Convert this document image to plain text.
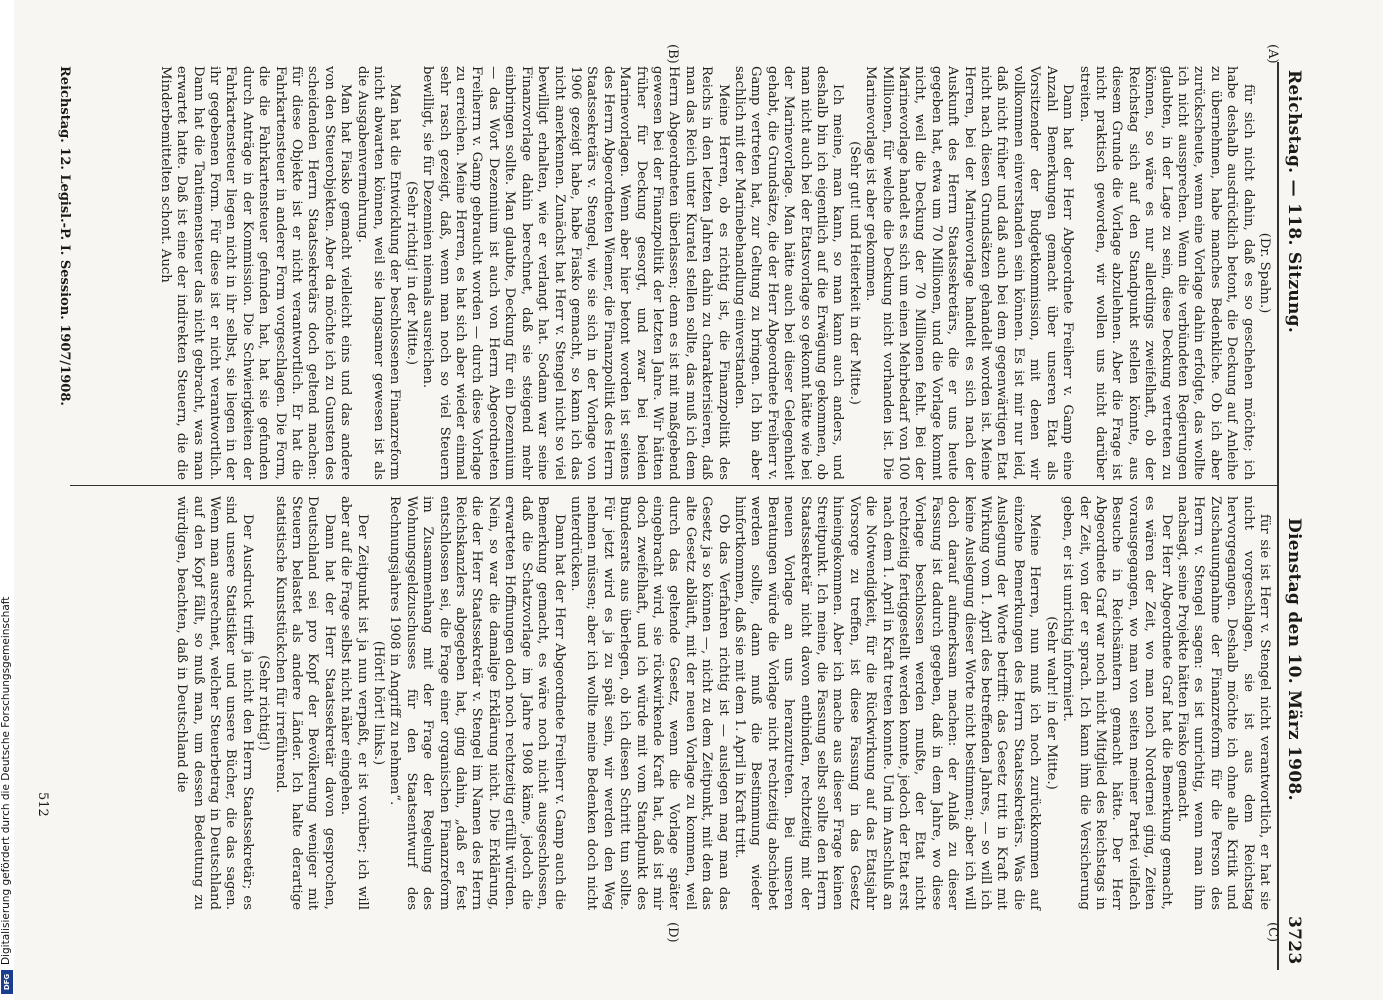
Reichstag. — 118. Sitzung.
Dienstag den 10. März 1908.
3723
(A)
(B)
(C)
(D)

(Dr. Spahn.)

für sich nicht dahin, daß es so geschehen möchte; ich habe deshalb ausdrücklich betont, die Deckung auf Anleihe zu übernehmen, habe manches Bedenkliche. Ob ich aber zurückscheute, wenn eine Vorlage dahin erfolgte, das wollte ich nicht aussprechen. Wenn die verbündeten Regierungen glaubten, in der Lage zu sein, diese Deckung vertreten zu können, so wäre es nur allerdings zweifelhaft, ob der Reichstag sich auf den Standpunkt stellen könnte, aus diesem Grunde die Vorlage abzulehnen. Aber die Frage ist nicht praktisch geworden, wir wollen uns nicht darüber streiten.

Dann hat der Herr Abgeordnete Freiherr v. Gamp eine Anzahl Bemerkungen gemacht über unseren Etat als Vorsitzender der Budgetkommission, mit denen wir vollkommen einverstanden sein können. Es ist mir nur leid, daß nicht früher und daß auch bei dem gegenwärtigen Etat nicht nach diesen Grundsätzen gehandelt worden ist. Meine Herren, bei der Marinevorlage handelt es sich nach der Auskunft des Herrn Staatssekretärs, die er uns heute gegeben hat, etwa um 70 Millionen, und die Vorlage kommt nicht, weil die Deckung der 70 Millionen fehlt. Bei der Marinevorlage handelt es sich um einen Mehrbedarf von 100 Millionen, für welche die Deckung nicht vorhanden ist. Die Marinevorlage ist aber gekommen.

(Sehr gut! und Heiterkeit in der Mitte.)

Ich meine, man kann, so man kann auch anders, und deshalb bin ich eigentlich auf die Erwägung gekommen, ob man nicht auch bei der Etatsvorlage so gekonnt hätte wie bei der Marinevorlage. Man hätte auch bei dieser Gelegenheit gehabt, die Grundsätze, die der Herr Abgeordnete Freiherr v. Gamp vertreten hat, zur Geltung zu bringen. Ich bin aber sachlich mit der Marinebehandlung einverstanden.

Meine Herren, ob es richtig ist, die Finanzpolitik des Reichs in den letzten Jahren dahin zu charakterisieren, daß man das Reich unter Kuratel stellen sollte, das muß ich dem Herrn Abgeordneten überlassen; denn es ist mit maßgebend gewesen bei der Finanzpolitik der letzten Jahre. Wir hätten früher für Deckung gesorgt, und zwar bei beiden Marinevorlagen. Wenn aber hier betont worden ist seitens des Herrn Abgeordneten Wiemer, die Finanzpolitik des Herrn Staatssekretärs v. Stengel, wie sie sich in der Vorlage von 1906 gezeigt habe, habe Fiasko gemacht, so kann ich das nicht anerkennen. Zunächst hat Herr v. Stengel nicht so viel bewilligt erhalten, wie er verlangt hat. Sodann war seine Finanzvorlage dahin berechnet, daß sie steigend mehr einbringen sollte. Man glaubte, Deckung für ein Dezennium — das Wort Dezennium ist auch von Herrn Abgeordneten Freiherrn v. Gamp gebraucht worden — durch diese Vorlage zu erreichen. Meine Herren, es hat sich aber wieder einmal sehr rasch gezeigt, daß, wenn man noch so viel Steuern bewilligt, sie für Dezennien niemals ausreichen.

(Sehr richtig! in der Mitte.)

Man hat die Entwicklung der beschlossenen Finanzreform nicht abwarten können, weil sie langsamer gewesen ist als die Ausgabenvermehrung.

Man hat Fiasko gemacht vielleicht eins und das andere von den Steuerobjekten. Aber da möchte ich zu Gunsten des scheidenden Herrn Staatssekretärs doch geltend machen: für diese Objekte ist er nicht verantwortlich. Er hat die Fahrkartensteuer in anderer Form vorgeschlagen. Die Form, die die Fahrkartensteuer gefunden hat, hat sie gefunden durch Anträge in der Kommission. Die Schwierigkeiten der Fahrkartensteuer liegen nicht in ihr selbst, sie liegen in der ihr gegebenen Form. Für diese ist er nicht verantwortlich. Dann hat die Tantiemensteuer das nicht gebracht, was man erwartet hatte. Daß ist eine der indirekten Steuern, die die Minderbemittelten schont. Auch

für sie ist Herr v. Stengel nicht verantwortlich, er hat sie nicht vorgeschlagen, sie ist aus dem Reichstag hervorgegangen. Deshalb möchte ich ohne alle Kritik und Zuschauungnahme der Finanzreform für die Person des Herrn v. Stengel sagen: es ist unrichtig, wenn man ihm nachsagt, seine Projekte hätten Fiasko gemacht.

Der Herr Abgeordnete Graf hat die Bemerkung gemacht, es wären der Zeit, wo man noch Nordernei ging, Zeiten vorausgegangen, wo man von seiten meiner Partei vielfach Besuche in Reichsämtern gemacht hätte. Der Herr Abgeordnete Graf war noch nicht Mitglied des Reichstags in der Zeit, von der er sprach. Ich kann ihm die Versicherung geben, er ist unrichtig informiert.

(Sehr wahr! in der Mitte.)

Meine Herren, nun muß ich noch zurückkommen auf einzelne Bemerkungen des Herrn Staatssekretärs. Was die Auslegung der Worte betrifft: das Gesetz tritt in Kraft mit Wirkung vom 1. April des betreffenden Jahres, — so will ich keine Auslegung dieser Worte nicht bestimmen; aber ich will doch darauf aufmerksam machen: der Anlaß zu dieser Fassung ist dadurch gegeben, daß in dem Jahre, wo diese Vorlage beschlossen werden mußte, der Etat nicht rechtzeitig fertiggestellt werden konnte, jedoch der Etat erst nach dem 1. April in Kraft treten konnte. Und im Anschluß an die Notwendigkeit, für die Rückwirkung auf das Etatsjahr Vorsorge zu treffen, ist diese Fassung in das Gesetz hineingekommen. Aber ich mache aus dieser Frage keinen Streitpunkt. Ich meine, die Fassung selbst sollte den Herrn Staatssekretär nicht davon entbinden, rechtzeitig mit der neuen Vorlage an uns heranzutreten. Bei unseren Beratungen würde die Vorlage nicht rechtzeitig abschiebet werden sollte, dann muß die Bestimmung wieder hinfortkommen, daß sie mit dem 1. April in Kraft tritt.

Ob das Verfahren richtig ist — auslegen mag man das Gesetz ja so können —, nicht zu dem Zeitpunkt, mit dem das alte Gesetz abläuft, mit der neuen Vorlage zu kommen, weil durch das geltende Gesetz, wenn die Vorlage später eingebracht wird, sie rückwirkende Kraft hat, daß ist mir doch zweifelhaft, und ich würde mit vom Standpunkt des Bundesrats aus überlegen, ob ich diesen Schritt tun sollte. Für jetzt wird es ja zu spät sein, wir werden den Weg nehmen müssen; aber ich wollte meine Bedenken doch nicht unterdrücken.

Dann hat der Herr Abgeordnete Freiherr v. Gamp auch die Bemerkung gemacht, es wäre noch nicht ausgeschlossen, daß die Schatzvorlage im Jahre 1908 käme, jedoch die erwarteten Hoffnungen doch noch rechtzeitig erfüllt würden. Nein, so war die damalige Erklärung nicht. Die Erklärung, die der Herr Staatssekretär v. Stengel im Namen des Herrn Reichskanzlers abgegeben hat, ging dahin, „daß er fest entschlossen sei, die Frage einer organischen Finanzreform im Zusammenhang mit der Frage der Regelung des Wohnungsgeldzuschusses für den Staatsentwurf des Rechnungsjahres 1908 in Angriff zu nehmen“.

(Hört! hört! links.)

Der Zeitpunkt ist ja nun verpaßt, er ist vorüber; ich will aber auf die Frage selbst nicht näher eingehen.

Dann hat der Herr Staatssekretär davon gesprochen, Deutschland sei pro Kopf der Bevölkerung weniger mit Steuern belastet als andere Länder. Ich halte derartige statistische Kunststückchen für irreführend.

(Sehr richtig!)

Der Ausdruck trifft ja nicht den Herrn Staatssekretär; es sind unsere Statistiker und unsere Bücher, die das sagen. Wenn man ausrechnet, welcher Steuerbetrag in Deutschland auf den Kopf fällt, so muß man, um dessen Bedeutung zu würdigen, beachten, daß in Deutschland die

Reichstag. 12. Legisl.-P. I. Session. 1907/1908.
512
Digitalisierung gefördert durch die Deutsche Forschungsgemeinschaft
DFG
